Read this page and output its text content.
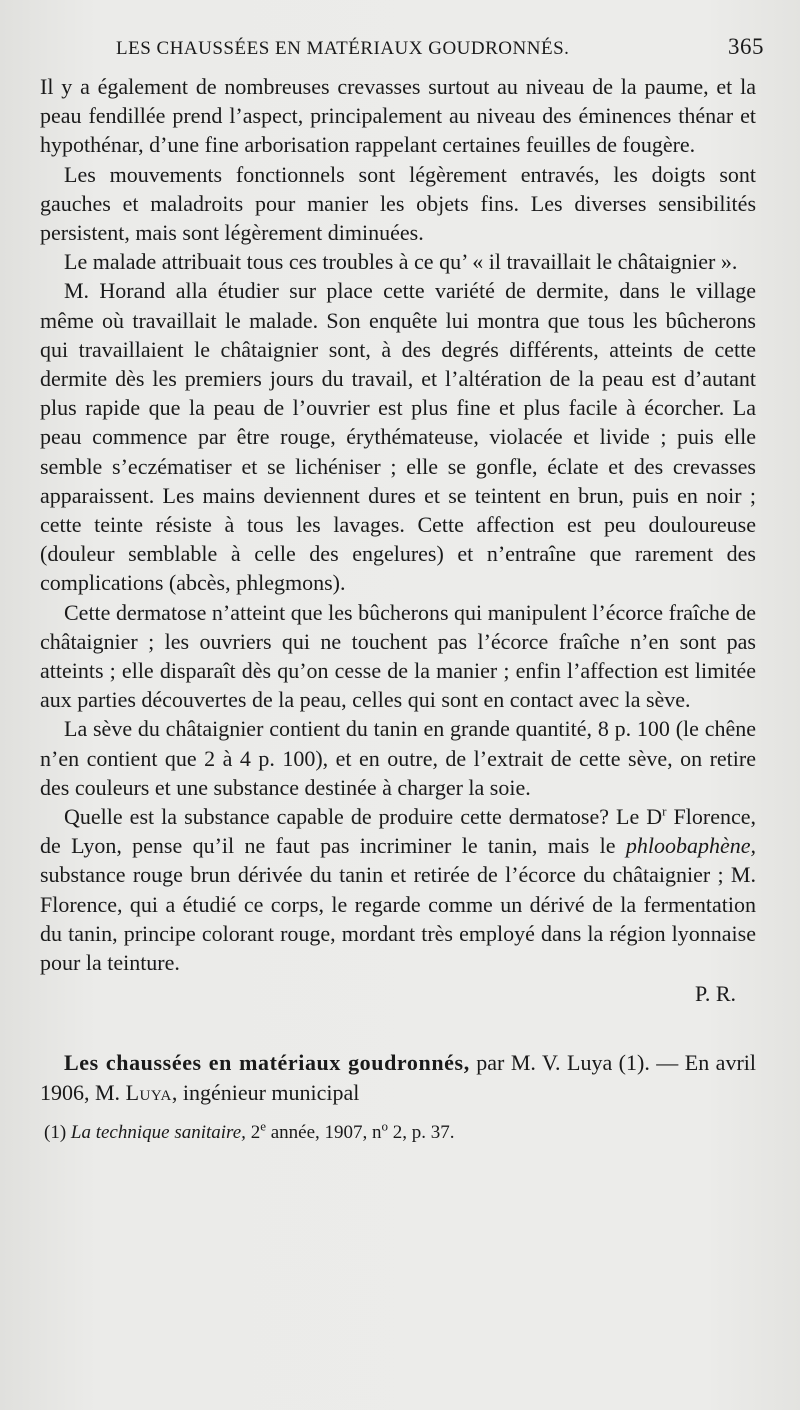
LES CHAUSSÉES EN MATÉRIAUX GOUDRONNÉS.	365

Il y a également de nombreuses crevasses surtout au niveau de la paume, et la peau fendillée prend l’aspect, principalement au niveau des éminences thénar et hypothénar, d’une fine arborisation rappelant certaines feuilles de fougère.

Les mouvements fonctionnels sont légèrement entravés, les doigts sont gauches et maladroits pour manier les objets fins. Les diverses sensibilités persistent, mais sont légèrement diminuées.

Le malade attribuait tous ces troubles à ce qu’ « il travaillait le châtaignier ».

M. Horand alla étudier sur place cette variété de dermite, dans le village même où travaillait le malade. Son enquête lui montra que tous les bûcherons qui travaillaient le châtaignier sont, à des degrés différents, atteints de cette dermite dès les premiers jours du travail, et l’altération de la peau est d’autant plus rapide que la peau de l’ouvrier est plus fine et plus facile à écorcher. La peau commence par être rouge, érythémateuse, violacée et livide ; puis elle semble s’eczématiser et se lichéniser ; elle se gonfle, éclate et des crevasses apparaissent. Les mains deviennent dures et se teintent en brun, puis en noir ; cette teinte résiste à tous les lavages. Cette affection est peu douloureuse (douleur semblable à celle des engelures) et n’entraîne que rarement des complications (abcès, phlegmons).

Cette dermatose n’atteint que les bûcherons qui manipulent l’écorce fraîche de châtaignier ; les ouvriers qui ne touchent pas l’écorce fraîche n’en sont pas atteints ; elle disparaît dès qu’on cesse de la manier ; enfin l’affection est limitée aux parties découvertes de la peau, celles qui sont en contact avec la sève.

La sève du châtaignier contient du tanin en grande quantité, 8 p. 100 (le chêne n’en contient que 2 à 4 p. 100), et en outre, de l’extrait de cette sève, on retire des couleurs et une substance destinée à charger la soie.

Quelle est la substance capable de produire cette dermatose? Le $D^r$ Florence, de Lyon, pense qu’il ne faut pas incriminer le tanin, mais le phloobaphène, substance rouge brun dérivée du tanin et retirée de l’écorce du châtaignier ; M. Florence, qui a étudié ce corps, le regarde comme un dérivé de la fermentation du tanin, principe colorant rouge, mordant très employé dans la région lyonnaise pour la teinture.

P. R.

Les chaussées en matériaux goudronnés, par M. V. Luya (1). — En avril 1906, M. Luya, ingénieur municipal

(1) La technique sanitaire, 2e année, 1907, $n^o$ 2, p. 37.
